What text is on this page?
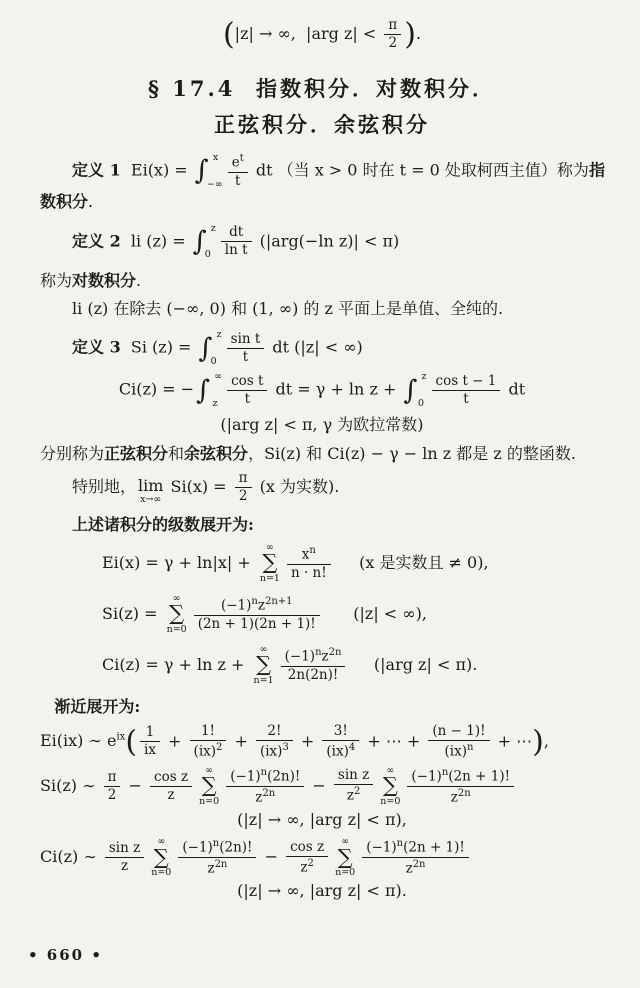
(|z| → ∞,  |arg $z| < \frac{\pi}{2}$ ).
§ 17.4  指数积分．对数积分．
正弦积分．余弦积分
定义 1  Ei(x) = ∫ x
−∞ $\frac{e^t}{t}$ dt （当 x > 0 时在 t = 0 处取柯西主值）称为指
数积分.
定义 2  li (z) = ∫ z
$0 \frac{dt}{\text{ln t}} (|arg(-\ln$ z)| < π)
称为对数积分.
li (z) 在除去 (−∞, 0) 和 (1, ∞) 的 z 平面上是单值、全纯的.
定义 3  Si (z) = ∫ z
$0 \frac{\text{sin t}}{t}$ dt (|z| < ∞)
Ci(z) = − ∫ ∞
z $\frac{\text{cos t}}{t}$ dt = γ + ln z + ∫ z
$0 \frac{\text{cos t − 1}}{t}$ dt
(|arg z| < π, γ 为欧拉常数)
分别称为正弦积分和余弦积分，Si(z) 和 Ci(z) − γ − ln z 都是 z 的整函数.
特别地， lim
x→∞
$Si(x) = \frac{\pi}{2} (x$ 为实数).
上述诸积分的级数展开为:
Ei(x) = γ + ln|x| +
∞
∑
$n=1 \frac{x^n}{n \cdot n!} (x$ 是实数且 ≠ 0),
Si(z) =
∞
∑
$n=0 \frac{(-1)^nz^{2n+1}}{(2n + 1)(2n + 1)!} (|z|$ < ∞),
Ci(z) = γ + ln z +
∞
∑
$n=1 \frac{(-1)^nz^{2n}}{2n(2n)!} (|arg$ z| < π).
渐近展开为:
Ei(ix) ∼ $e^{ix}( \frac{1}{ix} + \frac{1!}{(ix)^2} + \frac{2!}{(ix)^3} + \frac{3!}{(ix)^4}$ + ⋯ + $\frac{(n - 1)!}{(ix)^n}$ + ⋯),
Si(z) ∼ $\frac{\pi}{2} - \frac{\text{cos z}}{z}$ ∞
∑
$n=0 \frac{(-1)^n(2n)!}{z^{2n}} - \frac{\text{sin z}}{z^2}$ ∞
∑
$n=0 \frac{(-1)^n(2n + 1)!}{z^{2n}}$
(|z| → ∞, |arg z| < π),
Ci(z) ∼ $\frac{\text{sin z}}{z}$ ∞
∑
$n=0 \frac{(-1)^n(2n)!}{z^{2n}} - \frac{\text{cos z}}{z^2}$ ∞
∑
$n=0 \frac{(-1)^n(2n + 1)!}{z^{2n}}$
(|z| → ∞, |arg z| < π).
• 660 •
